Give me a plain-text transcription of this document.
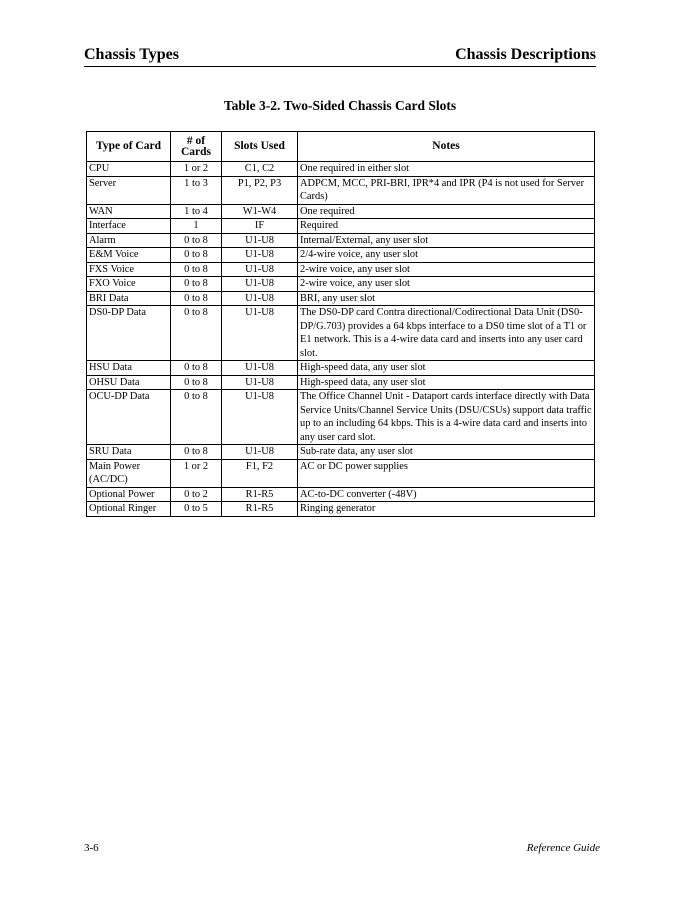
Chassis Types	Chassis Descriptions
Table 3-2. Two-Sided Chassis Card Slots
Type of Card	# of Cards	Slots Used	Notes
CPU	1 or 2	C1, C2	One required in either slot
Server	1 to 3	P1, P2, P3	ADPCM, MCC, PRI-BRI, IPR*4 and IPR (P4 is not used for Server Cards)
WAN	1 to 4	W1-W4	One required
Interface	1	IF	Required
Alarm	0 to 8	U1-U8	Internal/External, any user slot
E&M Voice	0 to 8	U1-U8	2/4-wire voice, any user slot
FXS Voice	0 to 8	U1-U8	2-wire voice, any user slot
FXO Voice	0 to 8	U1-U8	2-wire voice, any user slot
BRI Data	0 to 8	U1-U8	BRI, any user slot
DS0-DP Data	0 to 8	U1-U8	The DS0-DP card Contra directional/Codirectional Data Unit (DS0-DP/G.703) provides a 64 kbps interface to a DS0 time slot of a T1 or E1 network. This is a 4-wire data card and inserts into any user card slot.
HSU Data	0 to 8	U1-U8	High-speed data, any user slot
OHSU Data	0 to 8	U1-U8	High-speed data, any user slot
OCU-DP Data	0 to 8	U1-U8	The Office Channel Unit - Dataport cards interface directly with Data Service Units/Channel Service Units (DSU/CSUs) support data traffic up to an including 64 kbps. This is a 4-wire data card and inserts into any user card slot.
SRU Data	0 to 8	U1-U8	Sub-rate data, any user slot
Main Power (AC/DC)	1 or 2	F1, F2	AC or DC power supplies
Optional Power	0 to 2	R1-R5	AC-to-DC converter (-48V)
Optional Ringer	0 to 5	R1-R5	Ringing generator
3-6	Reference Guide
